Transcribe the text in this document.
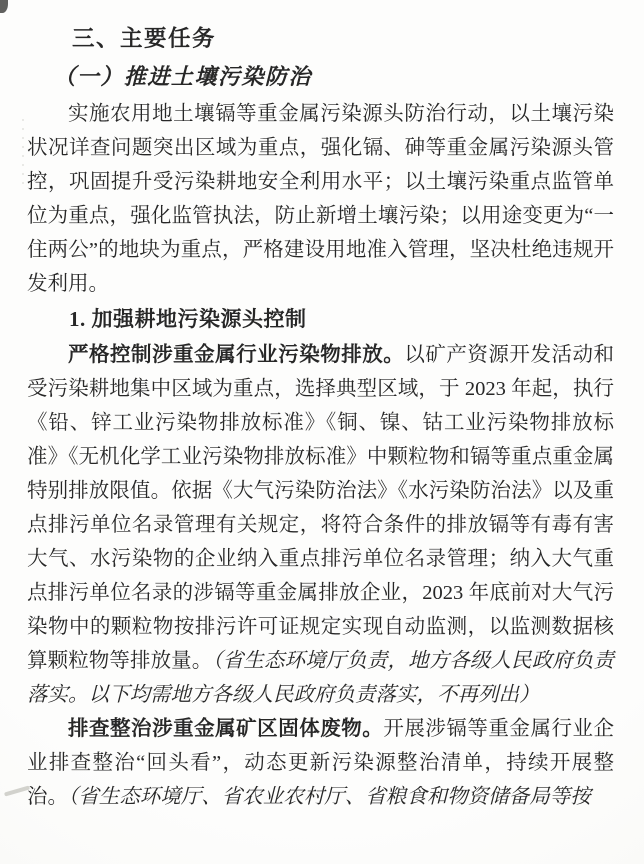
三、主要任务
（一）推进土壤污染防治

实施农用地土壤镉等重金属污染源头防治行动，以土壤污染状况详查问题突出区域为重点，强化镉、砷等重金属污染源头管控，巩固提升受污染耕地安全利用水平；以土壤污染重点监管单位为重点，强化监管执法，防止新增土壤污染；以用途变更为“一住两公”的地块为重点，严格建设用地准入管理，坚决杜绝违规开发利用。

1. 加强耕地污染源头控制

严格控制涉重金属行业污染物排放。以矿产资源开发活动和受污染耕地集中区域为重点，选择典型区域，于 2023 年起，执行《铅、锌工业污染物排放标准》《铜、镍、钴工业污染物排放标准》《无机化学工业污染物排放标准》中颗粒物和镉等重点重金属特别排放限值。依据《大气污染防治法》《水污染防治法》以及重点排污单位名录管理有关规定，将符合条件的排放镉等有毒有害大气、水污染物的企业纳入重点排污单位名录管理；纳入大气重点排污单位名录的涉镉等重金属排放企业，2023 年底前对大气污染物中的颗粒物按排污许可证规定实现自动监测，以监测数据核算颗粒物等排放量。（省生态环境厅负责，地方各级人民政府负责落实。以下均需地方各级人民政府负责落实，不再列出）

排查整治涉重金属矿区固体废物。开展涉镉等重金属行业企业排查整治“回头看”，动态更新污染源整治清单，持续开展整治。（省生态环境厅、省农业农村厅、省粮食和物资储备局等按
